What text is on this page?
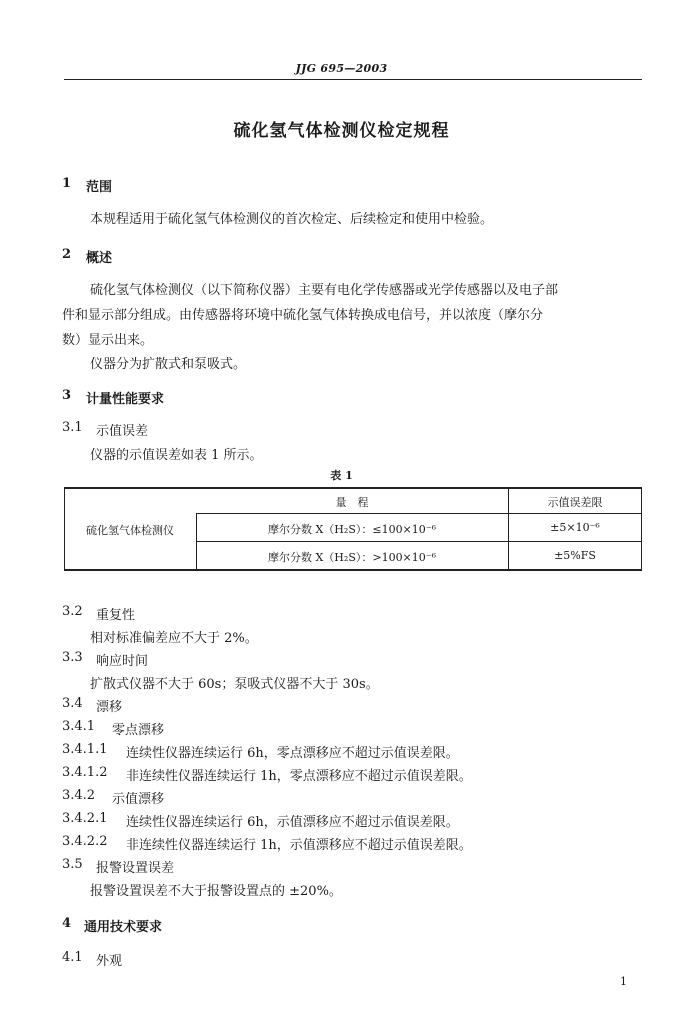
JJG 695—2003
硫化氢气体检测仪检定规程
1 范围
本规程适用于硫化氢气体检测仪的首次检定、后续检定和使用中检验。
2 概述
硫化氢气体检测仪（以下简称仪器）主要有电化学传感器或光学传感器以及电子部
件和显示部分组成。由传感器将环境中硫化氢气体转换成电信号，并以浓度（摩尔分
数）显示出来。
仪器分为扩散式和泵吸式。
3 计量性能要求
3.1 示值误差
仪器的示值误差如表 1 所示。
表 1
量　程	示值误差限
硫化氢气体检测仪	摩尔分数 X（H₂S）：≤100×10⁻⁶	±5×10⁻⁶
摩尔分数 X（H₂S）：>100×10⁻⁶	±5%FS
3.2 重复性
相对标准偏差应不大于 2%。
3.3 响应时间
扩散式仪器不大于 60s；泵吸式仪器不大于 30s。
3.4 漂移
3.4.1 零点漂移
3.4.1.1 连续性仪器连续运行 6h，零点漂移应不超过示值误差限。
3.4.1.2 非连续性仪器连续运行 1h，零点漂移应不超过示值误差限。
3.4.2 示值漂移
3.4.2.1 连续性仪器连续运行 6h，示值漂移应不超过示值误差限。
3.4.2.2 非连续性仪器连续运行 1h，示值漂移应不超过示值误差限。
3.5 报警设置误差
报警设置误差不大于报警设置点的 ±20%。
4 通用技术要求
4.1 外观
1
